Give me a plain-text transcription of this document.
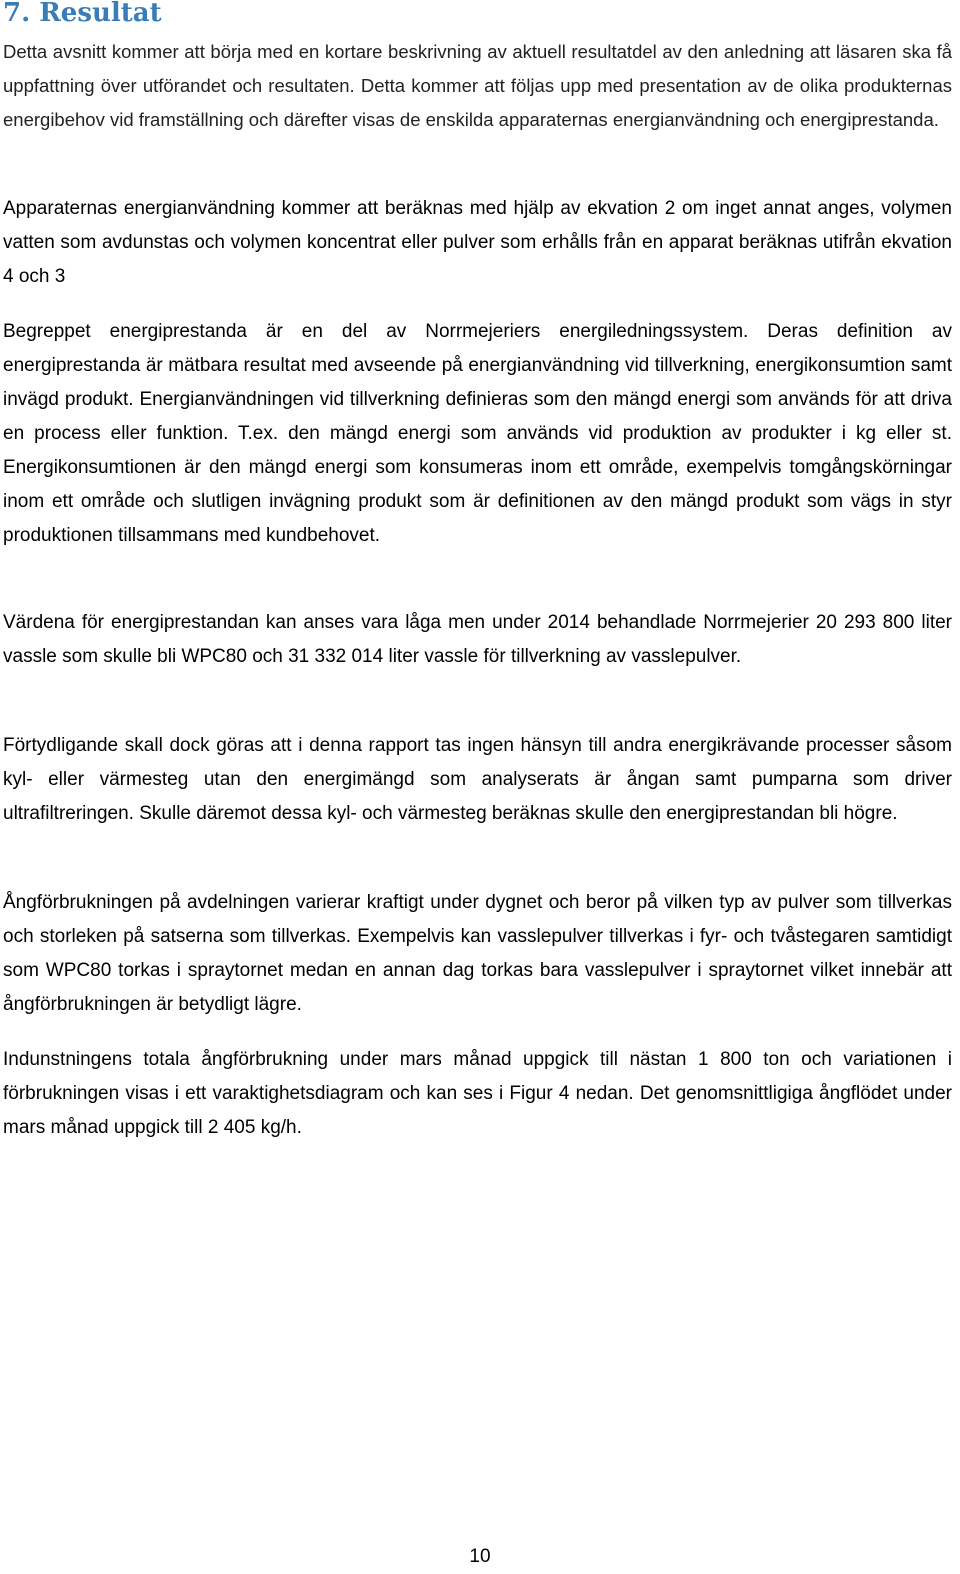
7. Resultat

Detta avsnitt kommer att börja med en kortare beskrivning av aktuell resultatdel av den anledning att läsaren ska få uppfattning över utförandet och resultaten. Detta kommer att följas upp med presentation av de olika produkternas energibehov vid framställning och därefter visas de enskilda apparaternas energianvändning och energiprestanda.

Apparaternas energianvändning kommer att beräknas med hjälp av ekvation 2 om inget annat anges, volymen vatten som avdunstas och volymen koncentrat eller pulver som erhålls från en apparat beräknas utifrån ekvation 4 och 3

Begreppet energiprestanda är en del av Norrmejeriers energiledningssystem. Deras definition av energiprestanda är mätbara resultat med avseende på energianvändning vid tillverkning, energikonsumtion samt invägd produkt. Energianvändningen vid tillverkning definieras som den mängd energi som används för att driva en process eller funktion. T.ex. den mängd energi som används vid produktion av produkter i kg eller st. Energikonsumtionen är den mängd energi som konsumeras inom ett område, exempelvis tomgångskörningar inom ett område och slutligen invägning produkt som är definitionen av den mängd produkt som vägs in styr produktionen tillsammans med kundbehovet.

Värdena för energiprestandan kan anses vara låga men under 2014 behandlade Norrmejerier 20 293 800 liter vassle som skulle bli WPC80 och 31 332 014 liter vassle för tillverkning av vasslepulver.

Förtydligande skall dock göras att i denna rapport tas ingen hänsyn till andra energikrävande processer såsom kyl- eller värmesteg utan den energimängd som analyserats är ångan samt pumparna som driver ultrafiltreringen. Skulle däremot dessa kyl- och värmesteg beräknas skulle den energiprestandan bli högre.

Ångförbrukningen på avdelningen varierar kraftigt under dygnet och beror på vilken typ av pulver som tillverkas och storleken på satserna som tillverkas. Exempelvis kan vasslepulver tillverkas i fyr- och tvåstegaren samtidigt som WPC80 torkas i spraytornet medan en annan dag torkas bara vasslepulver i spraytornet vilket innebär att ångförbrukningen är betydligt lägre.

Indunstningens totala ångförbrukning under mars månad uppgick till nästan 1 800 ton och variationen i förbrukningen visas i ett varaktighetsdiagram och kan ses i Figur 4 nedan. Det genomsnittligiga ångflödet under mars månad uppgick till 2 405 kg/h.

10
